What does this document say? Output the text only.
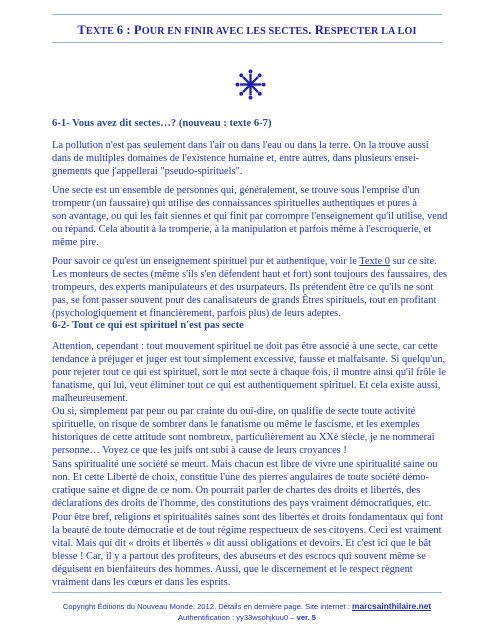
TEXTE 6 : POUR EN FINIR AVEC LES SECTES. RESPECTER LA LOI
6-1- Vous avez dit sectes…? (nouveau : texte 6-7)
La pollution n'est pas seulement dans l'air ou dans l'eau ou dans la terre. On la trouve aussi
dans de multiples domaines de l'existence humaine et, entre autres, dans plusieurs ensei-
gnements que j'appellerai "pseudo-spirituels".
Une secte est un ensemble de personnes qui, généralement, se trouve sous l'emprise d'un
trompeur (un faussaire) qui utilise des connaissances spirituelles authentiques et pures à
son avantage, ou qui les fait siennes et qui finit par corrompre l'enseignement qu'il utilise, vend
ou répand. Cela aboutit à la tromperie, à la manipulation et parfois même à l'escroquerie, et
même pire.
Pour savoir ce qu'est un enseignement spirituel pur et authentique, voir le Texte 0 sur ce site.
Les monteurs de sectes (même s'ils s'en défendent haut et fort) sont toujours des faussaires, des
trompeurs, des experts manipulateurs et des usurpateurs. Ils prétendent être ce qu'ils ne sont
pas, se font passer souvent pour des canalisateurs de grands Êtres spirituels, tout en profitant
(psychologiquement et financièrement, parfois plus) de leurs adeptes.
6-2- Tout ce qui est spirituel n'est pas secte
Attention, cependant : tout mouvement spirituel ne doit pas être associé à une secte, car cette
tendance à préjuger et juger est tout simplement excessive, fausse et malfaisante. Si quelqu'un,
pour rejeter tout ce qui est spirituel, sort le mot secte à chaque fois, il montre ainsi qu'il frôle le
fanatisme, qui lui, veut éliminer tout ce qui est authentiquement spirituel. Et cela existe aussi,
malheureusement.
Ou si, simplement par peur ou par crainte du ouï-dire, on qualifie de secte toute activité
spirituelle, on risque de sombrer dans le fanatisme ou même le fascisme, et les exemples
historiques de cette attitude sont nombreux, particulièrement au XXè siècle, je ne nommerai
personne… Voyez ce que les juifs ont subi à cause de leurs croyances !
Sans spiritualité une société se meurt. Mais chacun est libre de vivre une spiritualité saine ou
non. Et cette Liberté de choix, constitue l'une des pierres angulaires de toute société démo-
cratique saine et digne de ce nom. On pourrait parler de chartes des droits et libertés, des
déclarations des droits de l'homme, des constitutions des pays vraiment démocratiques, etc.
Pour être bref, religions et spiritualités saines sont des libertés et droits fondamentaux qui font
la beauté de toute démocratie et de tout régime respectueux de ses citoyens. Ceci est vraiment
vital. Mais qui dit « droits et libertés » dit aussi obligations et devoirs. Et c'est ici que le bât
blesse ! Car, il y a partout des profiteurs, des abuseurs et des escrocs qui souvent même se
déguisent en bienfaiteurs des hommes. Aussi, que le discernement et le respect règnent
vraiment dans les cœurs et dans les esprits.
Copyright Éditions du Nouveau Monde, 2012. Détails en dernière page. Site internet : marcsainthilaire.net
Authentification : yy33wsohjkuu0 – ver. 5
